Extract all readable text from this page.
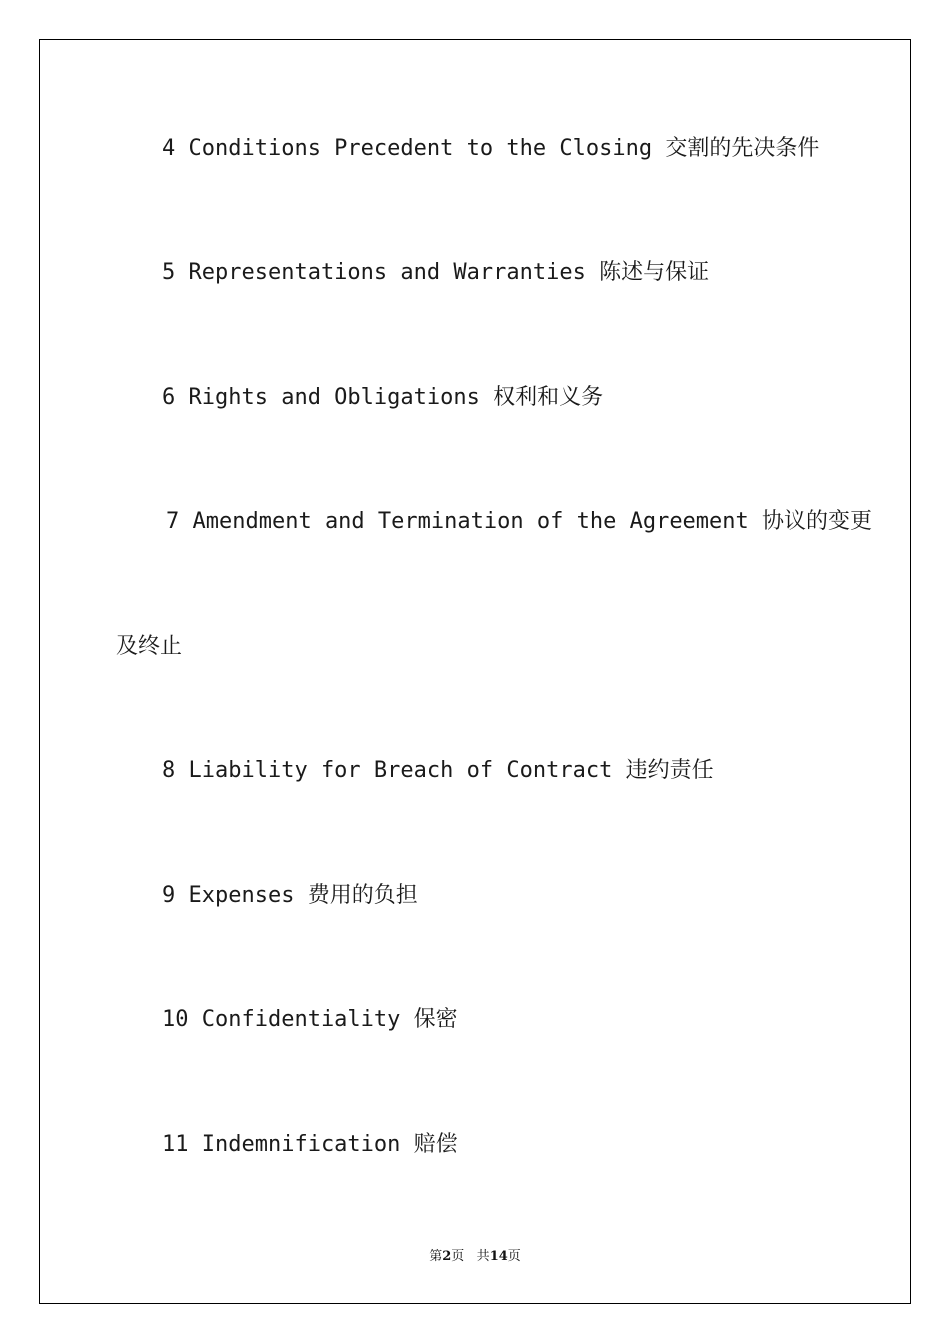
4 Conditions Precedent to the Closing 交割的先决条件
5 Representations and Warranties 陈述与保证
6 Rights and Obligations 权利和义务
7 Amendment and Termination of the Agreement 协议的变更
及终止
8 Liability for Breach of Contract 违约责任
9 Expenses 费用的负担
10 Confidentiality 保密
11 Indemnification 赔偿
第2页 共14页
